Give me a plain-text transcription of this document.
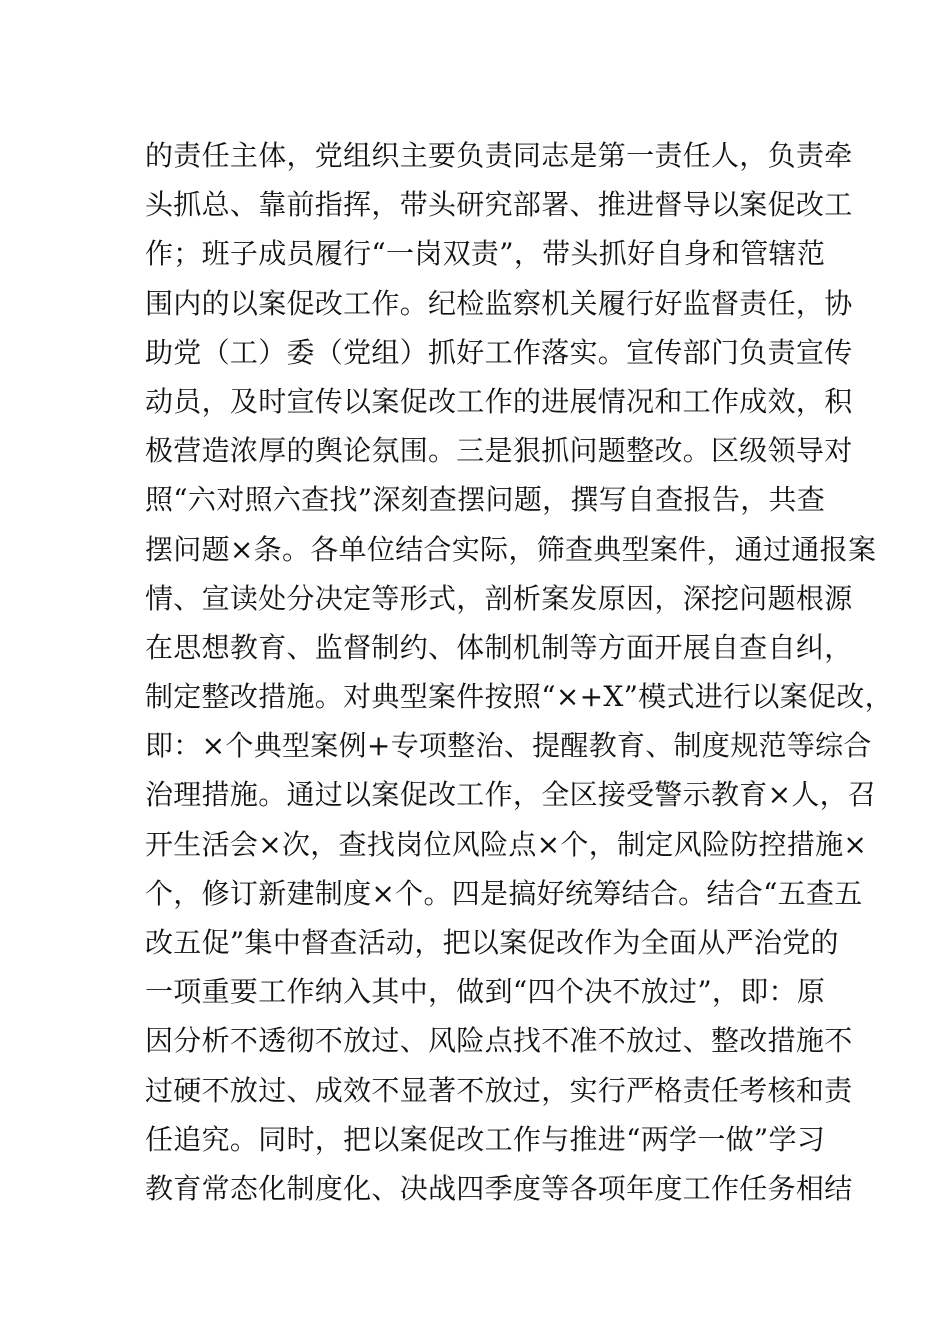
的责任主体，党组织主要负责同志是第一责任人，负责牵
头抓总、靠前指挥，带头研究部署、推进督导以案促改工
作；班子成员履行“一岗双责”，带头抓好自身和管辖范
围内的以案促改工作。纪检监察机关履行好监督责任，协
助党（工）委（党组）抓好工作落实。宣传部门负责宣传
动员，及时宣传以案促改工作的进展情况和工作成效，积
极营造浓厚的舆论氛围。三是狠抓问题整改。区级领导对
照“六对照六查找”深刻查摆问题，撰写自查报告，共查
摆问题×条。各单位结合实际，筛查典型案件，通过通报案
情、宣读处分决定等形式，剖析案发原因，深挖问题根源
在思想教育、监督制约、体制机制等方面开展自查自纠，
制定整改措施。对典型案件按照“×+X”模式进行以案促改，
即：×个典型案例+专项整治、提醒教育、制度规范等综合
治理措施。通过以案促改工作，全区接受警示教育×人，召
开生活会×次，查找岗位风险点×个，制定风险防控措施×
个，修订新建制度×个。四是搞好统筹结合。结合“五查五
改五促”集中督查活动，把以案促改作为全面从严治党的
一项重要工作纳入其中，做到“四个决不放过”，即：原
因分析不透彻不放过、风险点找不准不放过、整改措施不
过硬不放过、成效不显著不放过，实行严格责任考核和责
任追究。同时，把以案促改工作与推进“两学一做”学习
教育常态化制度化、决战四季度等各项年度工作任务相结
